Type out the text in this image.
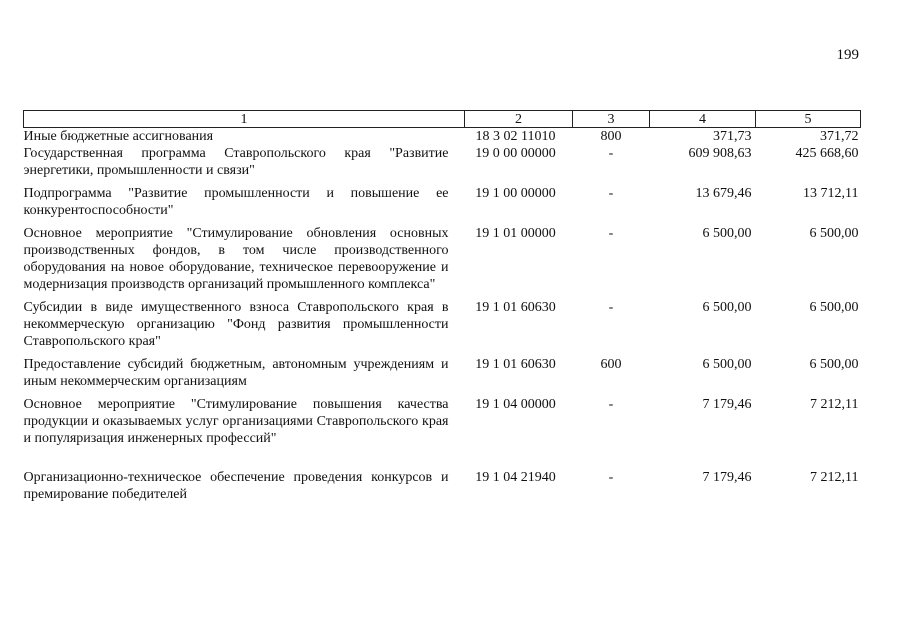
199
1	2	3	4	5
Иные бюджетные ассигнования	18 3 02 11010	800	371,73	371,72
Государственная программа Ставропольского края "Развитие энергетики, промышленности и связи"	19 0 00 00000	-	609 908,63	425 668,60
Подпрограмма "Развитие промышленности и повышение ее конкурентоспособности"	19 1 00 00000	-	13 679,46	13 712,11
Основное мероприятие "Стимулирование обновления основных производственных фондов, в том числе производственного оборудования на новое оборудование, техническое перевооружение и модернизация производств организаций промышленного комплекса"	19 1 01 00000	-	6 500,00	6 500,00
Субсидии в виде имущественного взноса Ставропольского края в некоммерческую организацию "Фонд развития промышленности Ставропольского края"	19 1 01 60630	-	6 500,00	6 500,00
Предоставление субсидий бюджетным, автономным учреждениям и иным некоммерческим организациям	19 1 01 60630	600	6 500,00	6 500,00
Основное мероприятие "Стимулирование повышения качества продукции и оказываемых услуг организациями Ставропольского края и популяризация инженерных профессий"	19 1 04 00000	-	7 179,46	7 212,11
Организационно-техническое обеспечение проведения конкурсов и премирование победителей	19 1 04 21940	-	7 179,46	7 212,11
